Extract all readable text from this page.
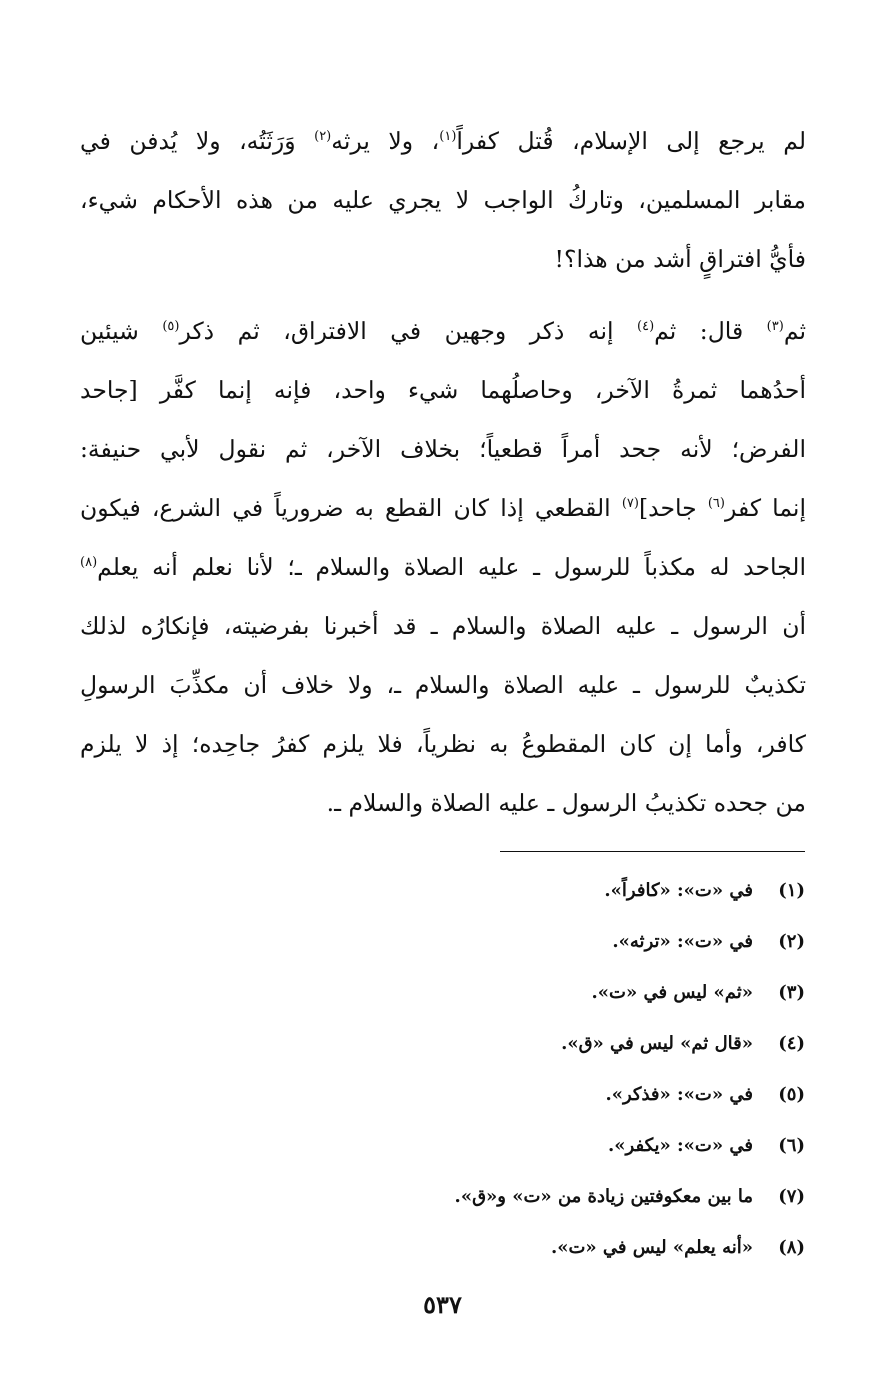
لم يرجع إلى الإسلام، قُتل كفراً$^{(١)}$، ولا يرثه$^{(٢)}$ وَرَثَتُه، ولا يُدفن في
مقابر المسلمين، وتاركُ الواجب لا يجري عليه من هذه الأحكام شيء،
فأيُّ افتراقٍ أشد من هذا؟!
ثم$^{(٣)}$ قال: ثم$^{(٤)}$ إنه ذكر وجهين في الافتراق، ثم ذكر$^{(٥)}$ شيئين
أحدُهما ثمرةُ الآخر، وحاصلُهما شيء واحد، فإنه إنما كفَّر [جاحد
الفرض؛ لأنه جحد أمراً قطعياً؛ بخلاف الآخر، ثم نقول لأبي حنيفة:
إنما كفر$^{(٦)}$ جاحد]$^{(٧)}$ القطعي إذا كان القطع به ضرورياً في الشرع، فيكون
الجاحد له مكذباً للرسول ـ عليه الصلاة والسلام ـ؛ لأنا نعلم أنه يعلم$^{(٨)}$
أن الرسول ـ عليه الصلاة والسلام ـ قد أخبرنا بفرضيته، فإنكارُه لذلك
تكذيبٌ للرسول ـ عليه الصلاة والسلام ـ، ولا خلاف أن مكذِّبَ الرسولِ
كافر، وأما إن كان المقطوعُ به نظرياً، فلا يلزم كفرُ جاحِده؛ إذ لا يلزم
من جحده تكذيبُ الرسول ـ عليه الصلاة والسلام ـ.
(١)في «ت»: «كافراً».
(٢)في «ت»: «ترثه».
(٣)«ثم» ليس في «ت».
(٤)«قال ثم» ليس في «ق».
(٥)في «ت»: «فذكر».
(٦)في «ت»: «يكفر».
(٧)ما بين معكوفتين زيادة من «ت» و«ق».
(٨)«أنه يعلم» ليس في «ت».
٥٣٧
